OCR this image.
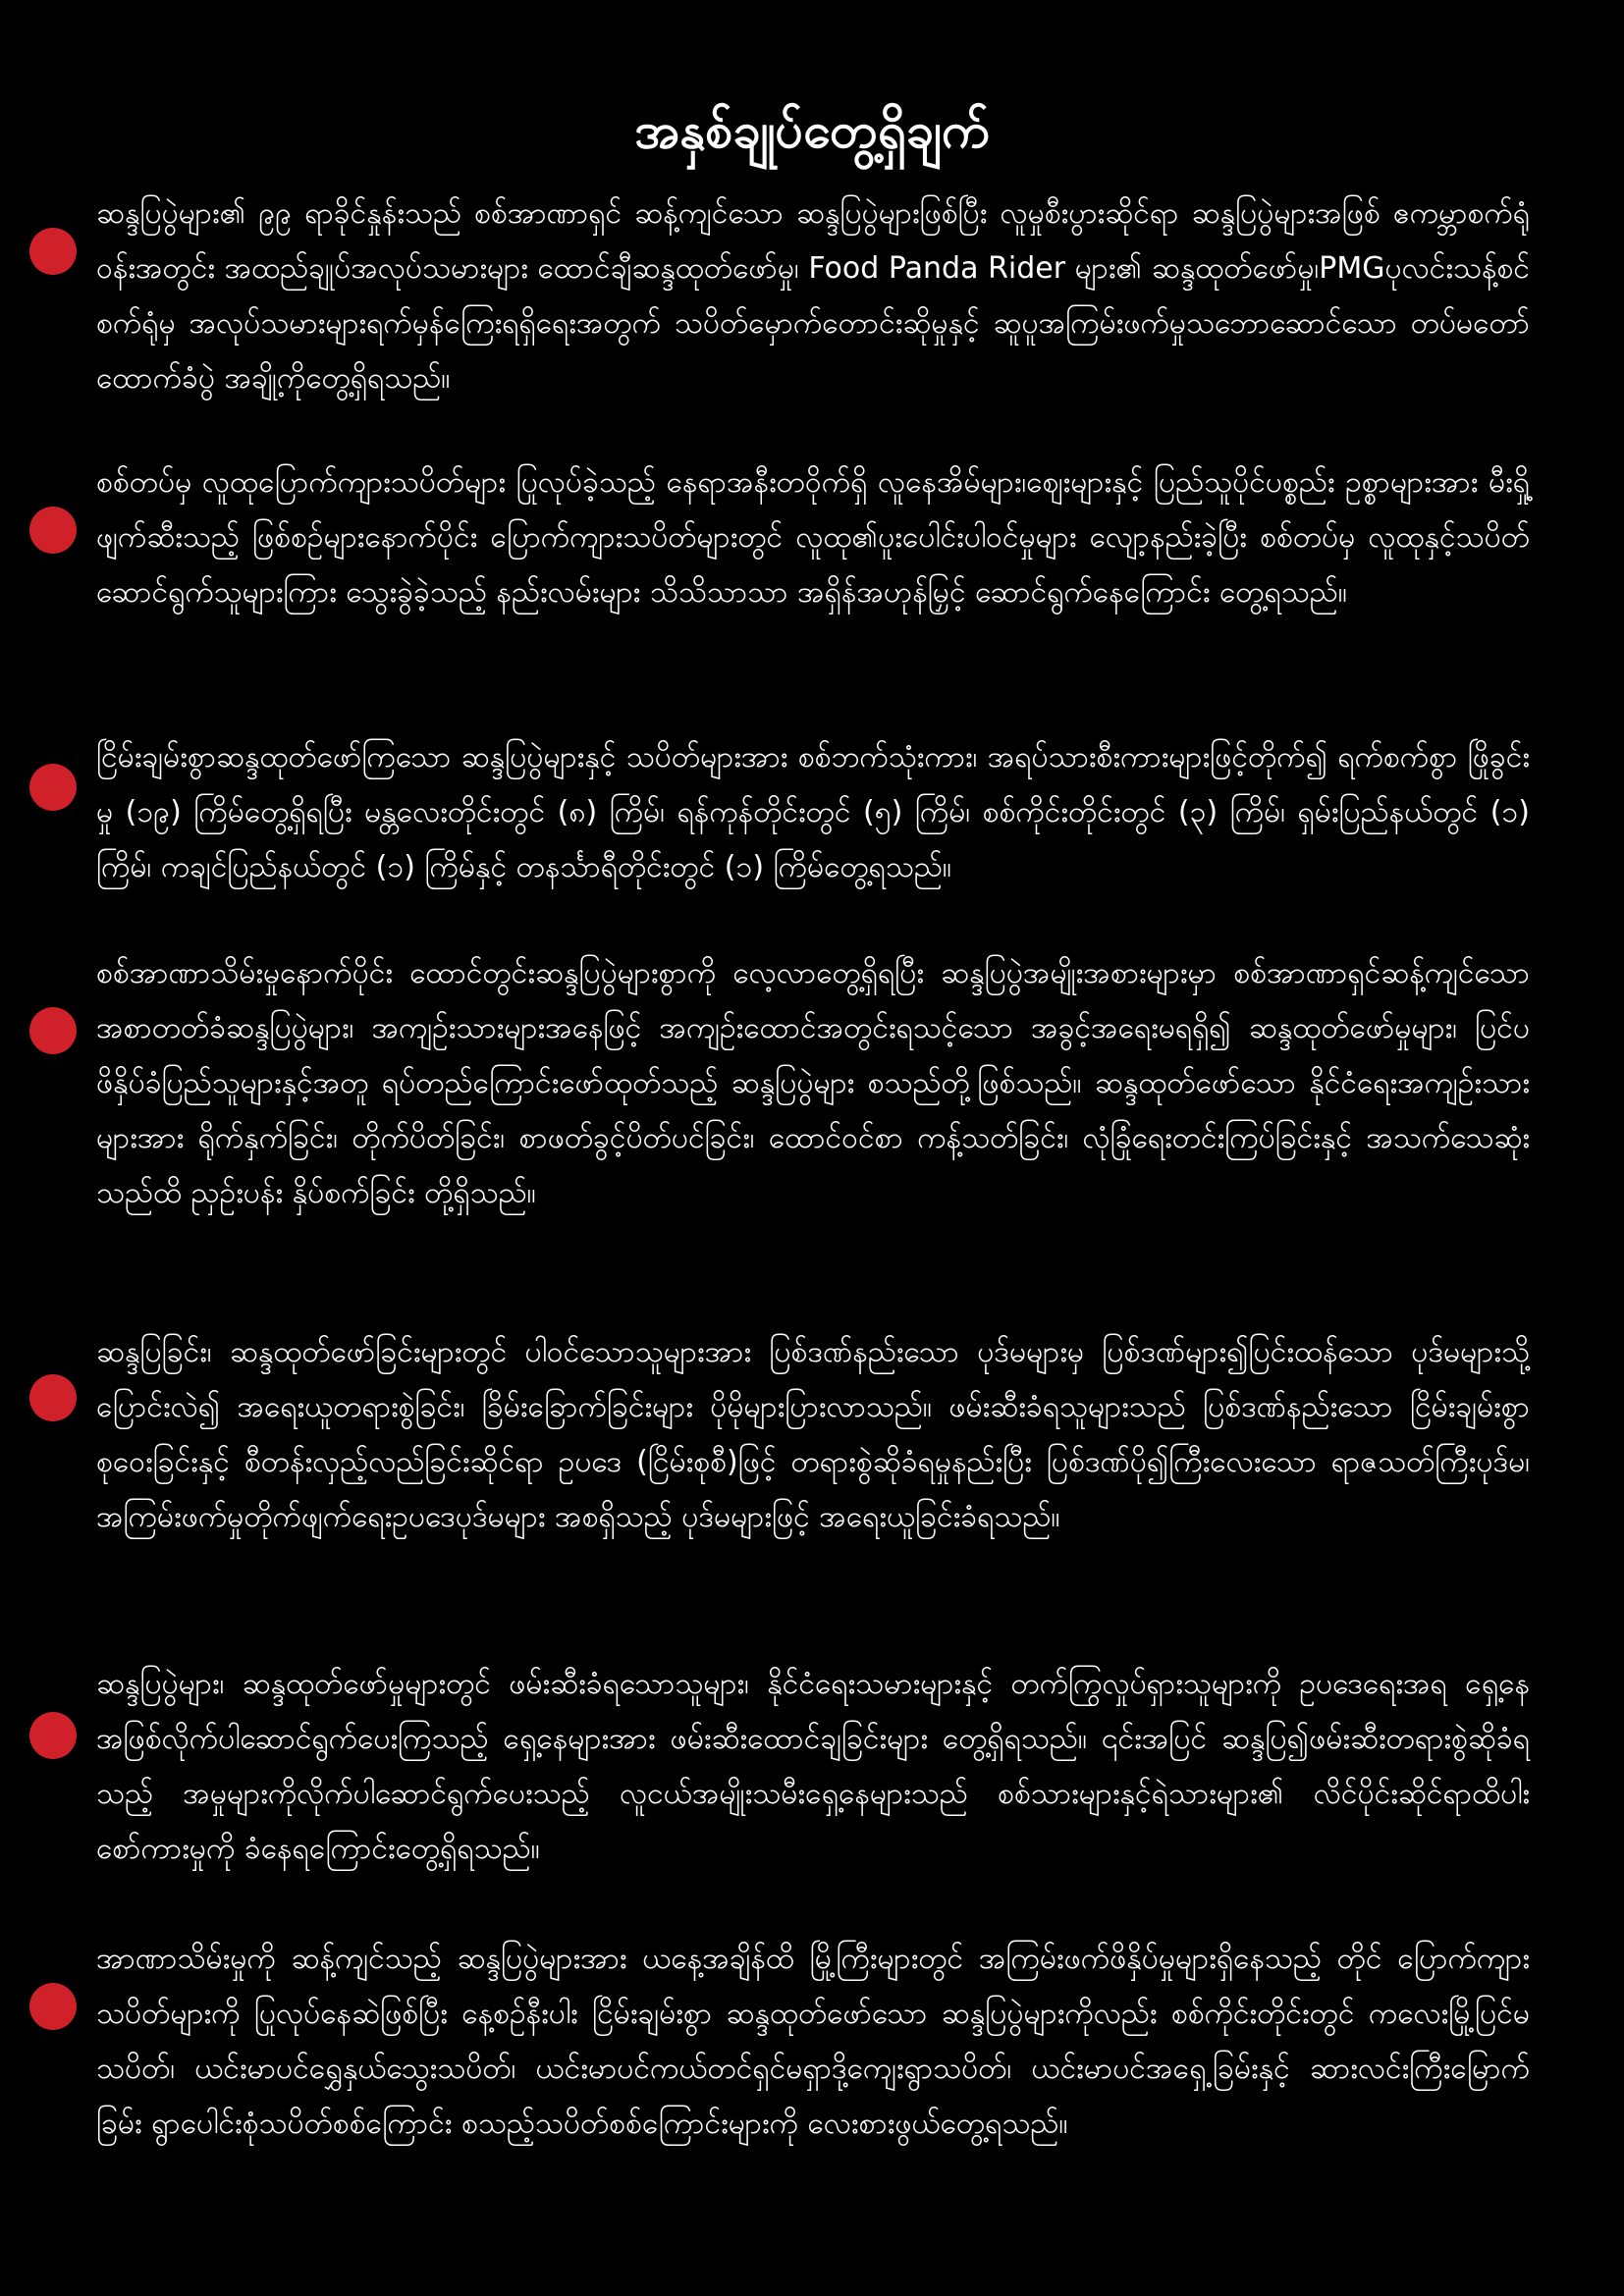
အနှစ်ချုပ်တွေ့ရှိချက်

ဆန္ဒပြပွဲများ၏ ၉၉ ရာခိုင်နှုန်းသည် စစ်အာဏာရှင် ဆန့်ကျင်သော ဆန္ဒပြပွဲများဖြစ်ပြီး လူမှုစီးပွားဆိုင်ရာ ဆန္ဒပြပွဲများအဖြစ် ဧကမ္ဘာစက်ရုံဝန်းအတွင်း အထည်ချုပ်အလုပ်သမားများ ထောင်ချီဆန္ဒထုတ်ဖော်မှု၊ Food Panda Rider များ၏ ဆန္ဒထုတ်ဖော်မှု၊PMGပုလင်းသန့်စင်စက်ရုံမှ အလုပ်သမားများရက်မှန်ကြေးရရှိရေးအတွက် သပိတ်မှောက်တောင်းဆိုမှုနှင့် ဆူပူအကြမ်းဖက်မှုသဘောဆောင်သော တပ်မတော်ထောက်ခံပွဲ အချို့ကိုတွေ့ရှိရသည်။

စစ်တပ်မှ လူထုပြောက်ကျားသပိတ်များ ပြုလုပ်ခဲ့သည့် နေရာအနီးတဝိုက်ရှိ လူနေအိမ်များ၊ဈေးများနှင့် ပြည်သူပိုင်ပစ္စည်း ဥစ္စာများအား မီးရှို့ဖျက်ဆီးသည့် ဖြစ်စဉ်များနောက်ပိုင်း ပြောက်ကျားသပိတ်များတွင် လူထု၏ပူးပေါင်းပါဝင်မှုများ လျော့နည်းခဲ့ပြီး စစ်တပ်မှ လူထုနှင့်သပိတ်ဆောင်ရွက်သူများကြား သွေးခွဲခဲ့သည့် နည်းလမ်းများ သိသိသာသာ အရှိန်အဟုန်မြှင့် ဆောင်ရွက်နေကြောင်း တွေ့ရသည်။

ငြိမ်းချမ်းစွာဆန္ဒထုတ်ဖော်ကြသော ဆန္ဒပြပွဲများနှင့် သပိတ်များအား စစ်ဘက်သုံးကား၊ အရပ်သားစီးကားများဖြင့်တိုက်၍ ရက်စက်စွာ ဖြိုခွင်းမှု (၁၉) ကြိမ်တွေ့ရှိရပြီး မန္တလေးတိုင်းတွင် (၈) ကြိမ်၊ ရန်ကုန်တိုင်းတွင် (၅) ကြိမ်၊ စစ်ကိုင်းတိုင်းတွင် (၃) ကြိမ်၊ ရှမ်းပြည်နယ်တွင် (၁) ကြိမ်၊ ကချင်ပြည်နယ်တွင် (၁) ကြိမ်နှင့် တနင်္သာရီတိုင်းတွင် (၁) ကြိမ်တွေ့ရသည်။

စစ်အာဏာသိမ်းမှုနောက်ပိုင်း ထောင်တွင်းဆန္ဒပြပွဲများစွာကို လေ့လာတွေ့ရှိရပြီး ဆန္ဒပြပွဲအမျိုးအစားများမှာ စစ်အာဏာရှင်ဆန့်ကျင်သော အစာတတ်ခံဆန္ဒပြပွဲများ၊ အကျဉ်းသားများအနေဖြင့် အကျဉ်းထောင်အတွင်းရသင့်သော အခွင့်အရေးမရရှိ၍ ဆန္ဒထုတ်ဖော်မှုများ၊ ပြင်ပဖိနှိပ်ခံပြည်သူများနှင့်အတူ ရပ်တည်ကြောင်းဖော်ထုတ်သည့် ဆန္ဒပြပွဲများ စသည်တို့ဖြစ်သည်။ ဆန္ဒထုတ်ဖော်သော နိုင်ငံရေးအကျဉ်းသားများအား ရိုက်နှက်ခြင်း၊ တိုက်ပိတ်ခြင်း၊ စာဖတ်ခွင့်ပိတ်ပင်ခြင်း၊ ထောင်ဝင်စာ ကန့်သတ်ခြင်း၊ လုံခြုံရေးတင်းကြပ်ခြင်းနှင့် အသက်သေဆုံးသည်ထိ ညှဉ်းပန်း နှိပ်စက်ခြင်း တို့ရှိသည်။

ဆန္ဒပြခြင်း၊ ဆန္ဒထုတ်ဖော်ခြင်းများတွင် ပါဝင်သောသူများအား ပြစ်ဒဏ်နည်းသော ပုဒ်မများမှ ပြစ်ဒဏ်များ၍ပြင်းထန်သော ပုဒ်မများသို့ပြောင်းလဲ၍ အရေးယူတရားစွဲခြင်း၊ ခြိမ်းခြောက်ခြင်းများ ပိုမိုများပြားလာသည်။ ဖမ်းဆီးခံရသူများသည် ပြစ်ဒဏ်နည်းသော ငြိမ်းချမ်းစွာစုဝေးခြင်းနှင့် စီတန်းလှည့်လည်ခြင်းဆိုင်ရာ ဥပဒေ (ငြိမ်းစုစီ)ဖြင့် တရားစွဲဆိုခံရမှုနည်းပြီး ပြစ်ဒဏ်ပို၍ကြီးလေးသော ရာဇသတ်ကြီးပုဒ်မ၊ အကြမ်းဖက်မှုတိုက်ဖျက်ရေးဥပဒေပုဒ်မများ အစရှိသည့် ပုဒ်မများဖြင့် အရေးယူခြင်းခံရသည်။

ဆန္ဒပြပွဲများ၊ ဆန္ဒထုတ်ဖော်မှုများတွင် ဖမ်းဆီးခံရသောသူများ၊ နိုင်ငံရေးသမားများနှင့် တက်ကြွလှုပ်ရှားသူများကို ဥပဒေရေးအရ ရှေ့နေအဖြစ်လိုက်ပါဆောင်ရွက်ပေးကြသည့် ရှေ့နေများအား ဖမ်းဆီးထောင်ချခြင်းများ တွေ့ရှိရသည်။ ၎င်းအပြင် ဆန္ဒပြ၍ဖမ်းဆီးတရားစွဲဆိုခံရသည့် အမှုများကိုလိုက်ပါဆောင်ရွက်ပေးသည့် လူငယ်အမျိုးသမီးရှေ့နေများသည် စစ်သားများနှင့်ရဲသားများ၏ လိင်ပိုင်းဆိုင်ရာထိပါးစော်ကားမှုကို ခံနေရကြောင်းတွေ့ရှိရသည်။

အာဏာသိမ်းမှုကို ဆန့်ကျင်သည့် ဆန္ဒပြပွဲများအား ယနေ့အချိန်ထိ မြို့ကြီးများတွင် အကြမ်းဖက်ဖိနှိပ်မှုများရှိနေသည့် တိုင် ပြောက်ကျားသပိတ်များကို ပြုလုပ်နေဆဲဖြစ်ပြီး နေ့စဉ်နီးပါး ငြိမ်းချမ်းစွာ ဆန္ဒထုတ်ဖော်သော ဆန္ဒပြပွဲများကိုလည်း စစ်ကိုင်းတိုင်းတွင် ကလေးမြို့ပြင်မသပိတ်၊ ယင်းမာပင်ရွှေနှယ်သွေးသပိတ်၊ ယင်းမာပင်ကယ်တင်ရှင်မရှာဒို့ကျေးရွာသပိတ်၊ ယင်းမာပင်အရှေ့ခြမ်းနှင့် ဆားလင်းကြီးမြောက်ခြမ်း ရွာပေါင်းစုံသပိတ်စစ်ကြောင်း စသည့်သပိတ်စစ်ကြောင်းများကို လေးစားဖွယ်တွေ့ရသည်။
